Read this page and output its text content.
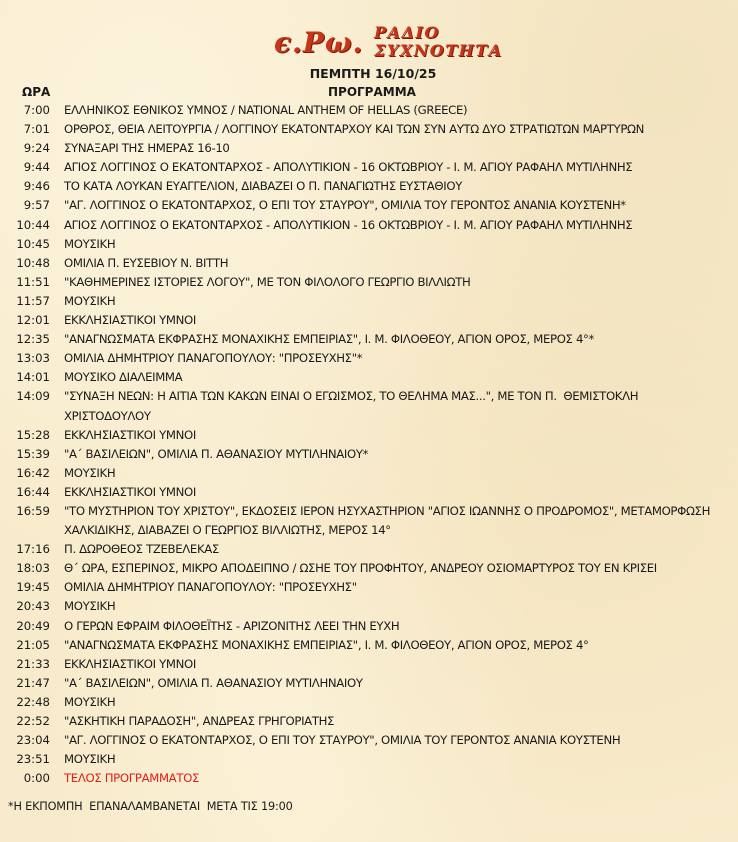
є.Ρω. ΡΑΔΙΟ
ΣΥΧΝΟΤΗΤΑ
ΠΕΜΠΤΗ 16/10/25
ΩΡΑ	ΠΡΟΓΡΑΜΜΑ
7:00 ΕΛΛΗΝΙΚΟΣ ΕΘΝΙΚΟΣ ΥΜΝΟΣ / NATIONAL ANTHEM OF HELLAS (GREECE)
7:01 ΟΡΘΡΟΣ, ΘΕΙΑ ΛΕΙΤΟΥΡΓΙΑ / ΛΟΓΓΙΝΟΥ ΕΚΑΤΟΝΤΑΡΧΟΥ ΚΑΙ ΤΩΝ ΣΥΝ ΑΥΤΩ ΔΥΟ ΣΤΡΑΤΙΩΤΩΝ ΜΑΡΤΥΡΩΝ
9:24 ΣΥΝΑΞΑΡΙ ΤΗΣ ΗΜΕΡΑΣ 16-10
9:44 ΑΓΙΟΣ ΛΟΓΓΙΝΟΣ Ο ΕΚΑΤΟΝΤΑΡΧΟΣ - ΑΠΟΛΥΤΙΚΙΟΝ - 16 ΟΚΤΩΒΡΙΟΥ - Ι. Μ. ΑΓΙΟΥ ΡΑΦΑΗΛ ΜΥΤΙΛΗΝΗΣ
9:46 ΤΟ ΚΑΤΑ ΛΟΥΚΑΝ ΕΥΑΓΓΕΛΙΟΝ, ΔΙΑΒΑΖΕΙ Ο Π. ΠΑΝΑΓΙΩΤΗΣ ΕΥΣΤΑΘΙΟΥ
9:57 "ΑΓ. ΛΟΓΓΙΝΟΣ Ο ΕΚΑΤΟΝΤΑΡΧΟΣ, Ο ΕΠΙ ΤΟΥ ΣΤΑΥΡΟΥ", ΟΜΙΛΙΑ ΤΟΥ ΓΕΡΟΝΤΟΣ ΑΝΑΝΙΑ ΚΟΥΣΤΕΝΗ*
10:44 ΑΓΙΟΣ ΛΟΓΓΙΝΟΣ Ο ΕΚΑΤΟΝΤΑΡΧΟΣ - ΑΠΟΛΥΤΙΚΙΟΝ - 16 ΟΚΤΩΒΡΙΟΥ - Ι. Μ. ΑΓΙΟΥ ΡΑΦΑΗΛ ΜΥΤΙΛΗΝΗΣ
10:45 ΜΟΥΣΙΚΗ
10:48 ΟΜΙΛΙΑ Π. ΕΥΣΕΒΙΟΥ Ν. ΒΙΤΤΗ
11:51 "ΚΑΘΗΜΕΡΙΝΕΣ ΙΣΤΟΡΙΕΣ ΛΟΓΟΥ", ΜΕ ΤΟΝ ΦΙΛΟΛΟΓΟ ΓΕΩΡΓΙΟ ΒΙΛΛΙΩΤΗ
11:57 ΜΟΥΣΙΚΗ
12:01 ΕΚΚΛΗΣΙΑΣΤΙΚΟΙ ΥΜΝΟΙ
12:35 "ΑΝΑΓΝΩΣΜΑΤΑ ΕΚΦΡΑΣΗΣ ΜΟΝΑΧΙΚΗΣ ΕΜΠΕΙΡΙΑΣ", Ι. Μ. ΦΙΛΟΘΕΟΥ, ΑΓΙΟΝ ΟΡΟΣ, ΜΕΡΟΣ 4°*
13:03 ΟΜΙΛΙΑ ΔΗΜΗΤΡΙΟΥ ΠΑΝΑΓΟΠΟΥΛΟΥ: "ΠΡΟΣΕΥΧΗΣ"*
14:01 ΜΟΥΣΙΚΟ ΔΙΑΛΕΙΜΜΑ
14:09 "ΣΥΝΑΞΗ ΝΕΩΝ: Η ΑΙΤΙΑ ΤΩΝ ΚΑΚΩΝ ΕΙΝΑΙ Ο ΕΓΩΙΣΜΟΣ, ΤΟ ΘΕΛΗΜΑ ΜΑΣ...", ΜΕ ΤΟΝ Π.  ΘΕΜΙΣΤΟΚΛΗ ΧΡΙΣΤΟΔΟΥΛΟΥ
15:28 ΕΚΚΛΗΣΙΑΣΤΙΚΟΙ ΥΜΝΟΙ
15:39 "Α΄ ΒΑΣΙΛΕΙΩΝ", ΟΜΙΛΙΑ Π. ΑΘΑΝΑΣΙΟΥ ΜΥΤΙΛΗΝΑΙΟΥ*
16:42 ΜΟΥΣΙΚΗ
16:44 ΕΚΚΛΗΣΙΑΣΤΙΚΟΙ ΥΜΝΟΙ
16:59 "ΤΟ ΜΥΣΤΗΡΙΟΝ ΤΟΥ ΧΡΙΣΤΟΥ", ΕΚΔΟΣΕΙΣ ΙΕΡΟΝ ΗΣΥΧΑΣΤΗΡΙΟΝ "ΑΓΙΟΣ ΙΩΑΝΝΗΣ Ο ΠΡΟΔΡΟΜΟΣ", ΜΕΤΑΜΟΡΦΩΣΗ ΧΑΛΚΙΔΙΚΗΣ, ΔΙΑΒΑΖΕΙ Ο ΓΕΩΡΓΙΟΣ ΒΙΛΛΙΩΤΗΣ, ΜΕΡΟΣ 14°
17:16 Π. ΔΩΡΟΘΕΟΣ ΤΖΕΒΕΛΕΚΑΣ
18:03 Θ΄ ΩΡΑ, ΕΣΠΕΡΙΝΟΣ, ΜΙΚΡΟ ΑΠΟΔΕΙΠΝΟ / ΩΣΗΕ ΤΟΥ ΠΡΟΦΗΤΟΥ, ΑΝΔΡΕΟΥ ΟΣΙΟΜΑΡΤΥΡΟΣ ΤΟΥ ΕΝ ΚΡΙΣΕΙ
19:45 ΟΜΙΛΙΑ ΔΗΜΗΤΡΙΟΥ ΠΑΝΑΓΟΠΟΥΛΟΥ: "ΠΡΟΣΕΥΧΗΣ"
20:43 ΜΟΥΣΙΚΗ
20:49 Ο ΓΕΡΩΝ ΕΦΡΑΙΜ ΦΙΛΟΘΕΪΤΗΣ - ΑΡΙΖΟΝΙΤΗΣ ΛΕΕΙ ΤΗΝ ΕΥΧΗ
21:05 "ΑΝΑΓΝΩΣΜΑΤΑ ΕΚΦΡΑΣΗΣ ΜΟΝΑΧΙΚΗΣ ΕΜΠΕΙΡΙΑΣ", Ι. Μ. ΦΙΛΟΘΕΟΥ, ΑΓΙΟΝ ΟΡΟΣ, ΜΕΡΟΣ 4°
21:33 ΕΚΚΛΗΣΙΑΣΤΙΚΟΙ ΥΜΝΟΙ
21:47 "Α΄ ΒΑΣΙΛΕΙΩΝ", ΟΜΙΛΙΑ Π. ΑΘΑΝΑΣΙΟΥ ΜΥΤΙΛΗΝΑΙΟΥ
22:48 ΜΟΥΣΙΚΗ
22:52 "ΑΣΚΗΤΙΚΗ ΠΑΡΑΔΟΣΗ", ΑΝΔΡΕΑΣ ΓΡΗΓΟΡΙΑΤΗΣ
23:04 "ΑΓ. ΛΟΓΓΙΝΟΣ Ο ΕΚΑΤΟΝΤΑΡΧΟΣ, Ο ΕΠΙ ΤΟΥ ΣΤΑΥΡΟΥ", ΟΜΙΛΙΑ ΤΟΥ ΓΕΡΟΝΤΟΣ ΑΝΑΝΙΑ ΚΟΥΣΤΕΝΗ
23:51 ΜΟΥΣΙΚΗ
0:00 ΤΕΛΟΣ ΠΡΟΓΡΑΜΜΑΤΟΣ
*Η ΕΚΠΟΜΠΗ  ΕΠΑΝΑΛΑΜΒΑΝΕΤΑΙ  ΜΕΤΑ ΤΙΣ 19:00
